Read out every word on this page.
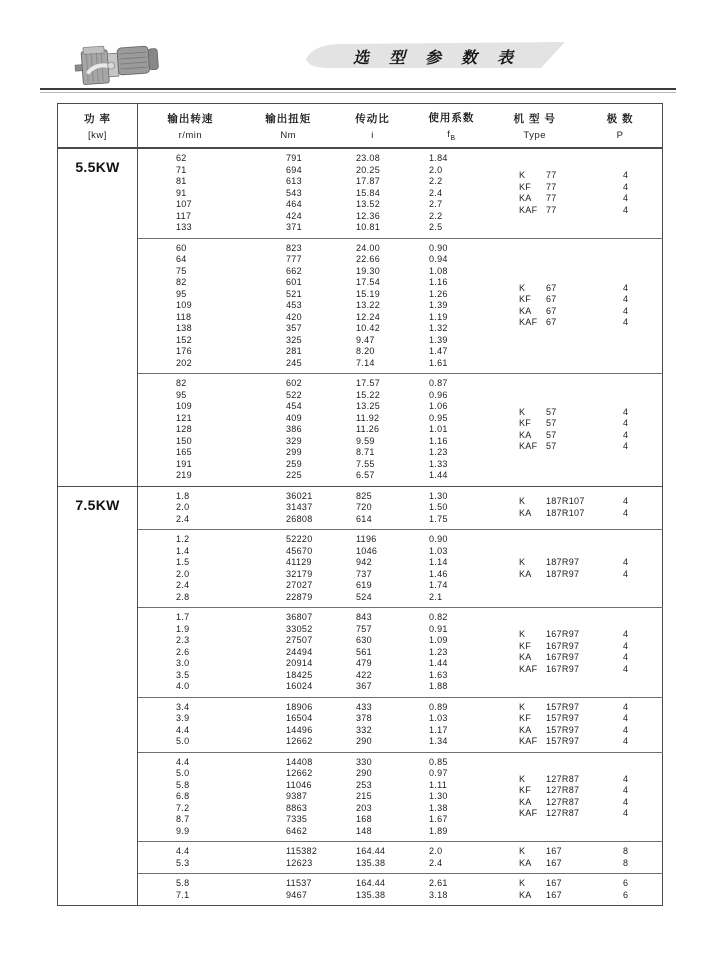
选 型 参 数 表
功 率
[kw]
输出转速
r/min
输出扭矩
Nm
传动比
i
使用系数
$f_B$
机 型 号
Type
极 数
P
5.5KW
62
71
81
91
107
117
133
791
694
613
543
464
424
371
23.08
20.25
17.87
15.84
13.52
12.36
10.81
1.84
2.0
2.2
2.4
2.7
2.2
2.5
K 77
KF 77
KA 77
KAF 77
4
4
4
4
60
64
75
82
95
109
118
138
152
176
202
823
777
662
601
521
453
420
357
325
281
245
24.00
22.66
19.30
17.54
15.19
13.22
12.24
10.42
9.47
8.20
7.14
0.90
0.94
1.08
1.16
1.26
1.39
1.19
1.32
1.39
1.47
1.61
K 67
KF 67
KA 67
KAF 67
4
4
4
4
82
95
109
121
128
150
165
191
219
602
522
454
409
386
329
299
259
225
17.57
15.22
13.25
11.92
11.26
9.59
8.71
7.55
6.57
0.87
0.96
1.06
0.95
1.01
1.16
1.23
1.33
1.44
K 57
KF 57
KA 57
KAF 57
4
4
4
4
7.5KW
1.8
2.0
2.4
36021
31437
26808
825
720
614
1.30
1.50
1.75
K 187R107
KA 187R107
4
4
1.2
1.4
1.5
2.0
2.4
2.8
52220
45670
41129
32179
27027
22879
1196
1046
942
737
619
524
0.90
1.03
1.14
1.46
1.74
2.1
K 187R97
KA 187R97
4
4
1.7
1.9
2.3
2.6
3.0
3.5
4.0
36807
33052
27507
24494
20914
18425
16024
843
757
630
561
479
422
367
0.82
0.91
1.09
1.23
1.44
1.63
1.88
K 167R97
KF 167R97
KA 167R97
KAF 167R97
4
4
4
4
3.4
3.9
4.4
5.0
18906
16504
14496
12662
433
378
332
290
0.89
1.03
1.17
1.34
K 157R97
KF 157R97
KA 157R97
KAF 157R97
4
4
4
4
4.4
5.0
5.8
6.8
7.2
8.7
9.9
14408
12662
11046
9387
8863
7335
6462
330
290
253
215
203
168
148
0.85
0.97
1.11
1.30
1.38
1.67
1.89
K 127R87
KF 127R87
KA 127R87
KAF 127R87
4
4
4
4
4.4
5.3
115382
12623
164.44
135.38
2.0
2.4
K 167
KA 167
8
8
5.8
7.1
11537
9467
164.44
135.38
2.61
3.18
K 167
KA 167
6
6
